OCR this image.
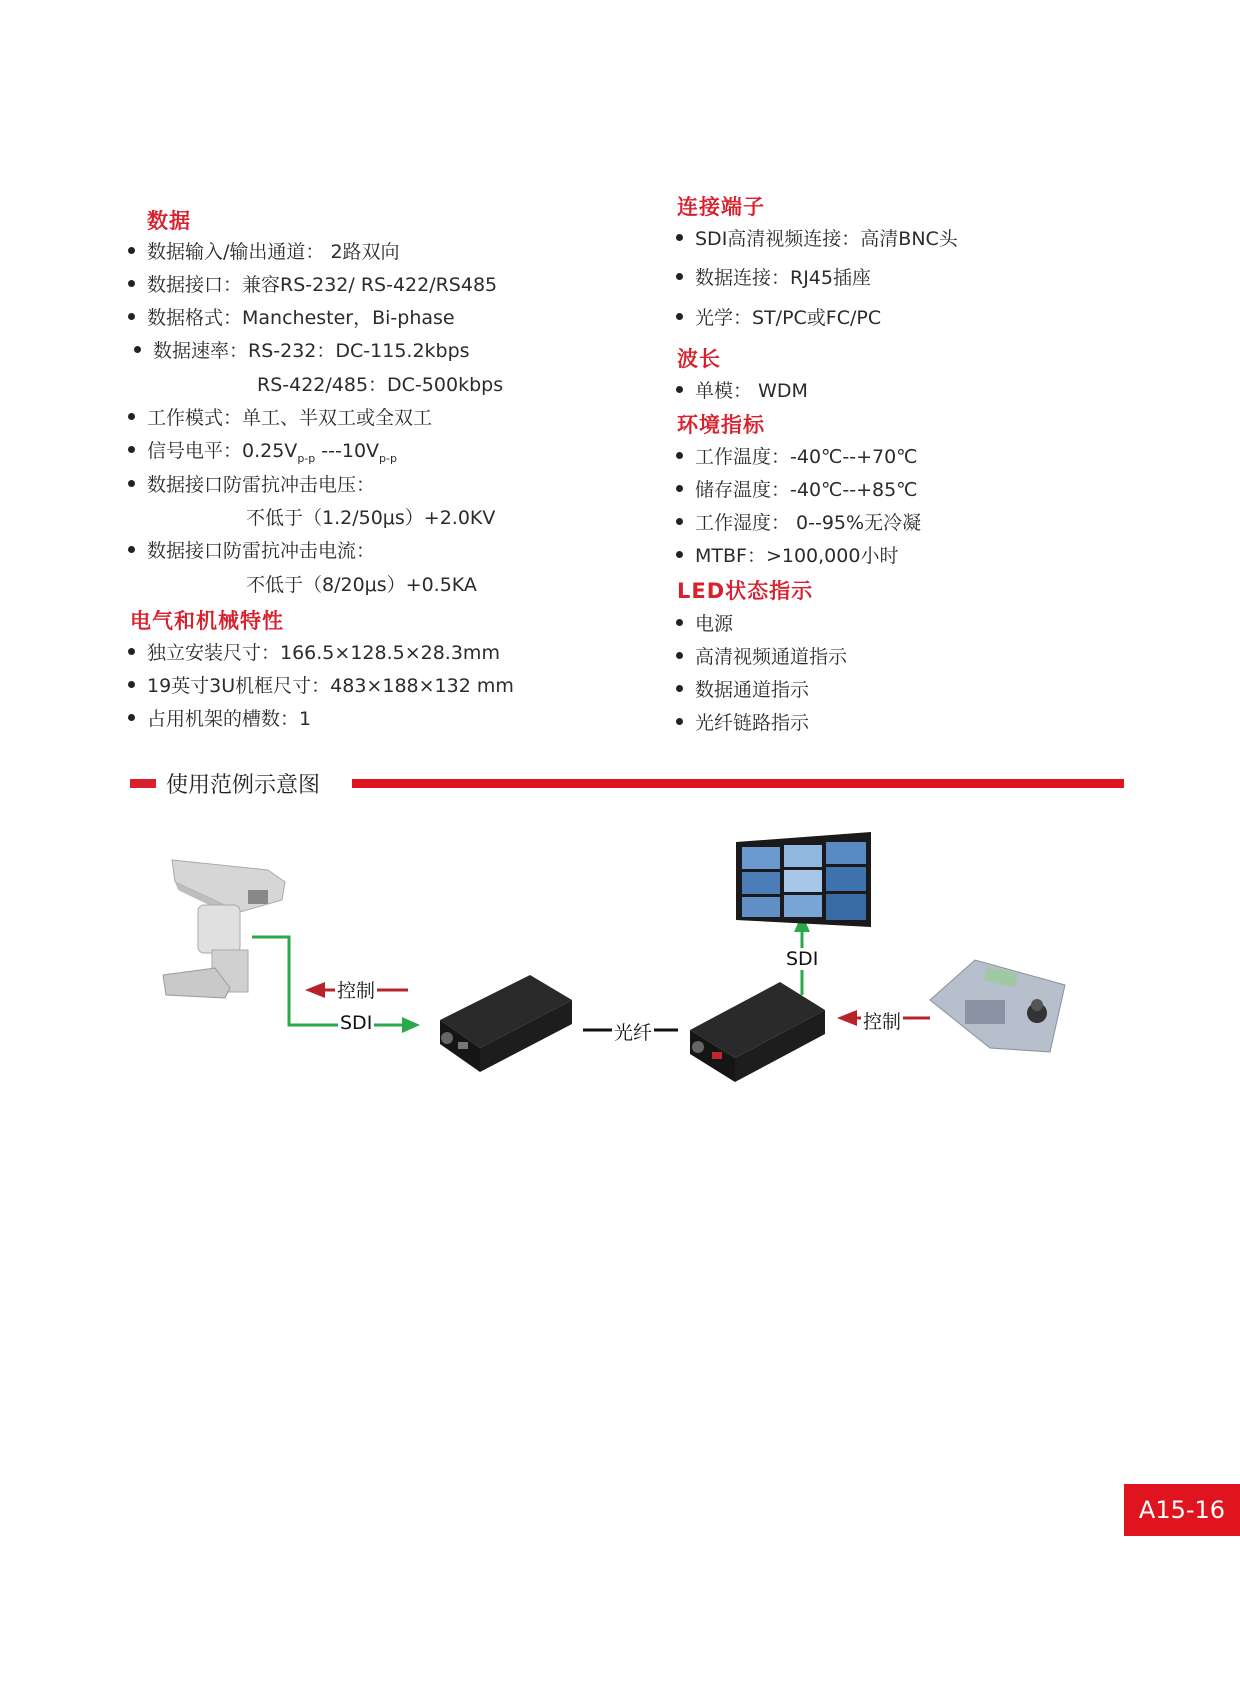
数据
数据输入/输出通道： 2路双向
数据接口：兼容RS-232/ RS-422/RS485
数据格式：Manchester，Bi-phase
数据速率：RS-232：DC-115.2kbps
RS-422/485：DC-500kbps
工作模式：单工、半双工或全双工
信号电平：$0.25V_{p-p}$ $---10V_{p-p}$
数据接口防雷抗冲击电压：
不低于（1.2/50μs）+2.0KV
数据接口防雷抗冲击电流：
不低于（8/20μs）+0.5KA
电气和机械特性
独立安装尺寸：166.5×128.5×28.3mm
19英寸3U机框尺寸：483×188×132 mm
占用机架的槽数：1
连接端子
SDI高清视频连接：高清BNC头
数据连接：RJ45插座
光学：ST/PC或FC/PC
波长
单模： WDM
环境指标
工作温度：-40℃--+70℃
储存温度：-40℃--+85℃
工作湿度： 0--95%无冷凝
MTBF：>100,000小时
LED状态指示
电源
高清视频通道指示
数据通道指示
光纤链路指示
使用范例示意图
控制
SDI	光纤
SDI
控制
A15-16
